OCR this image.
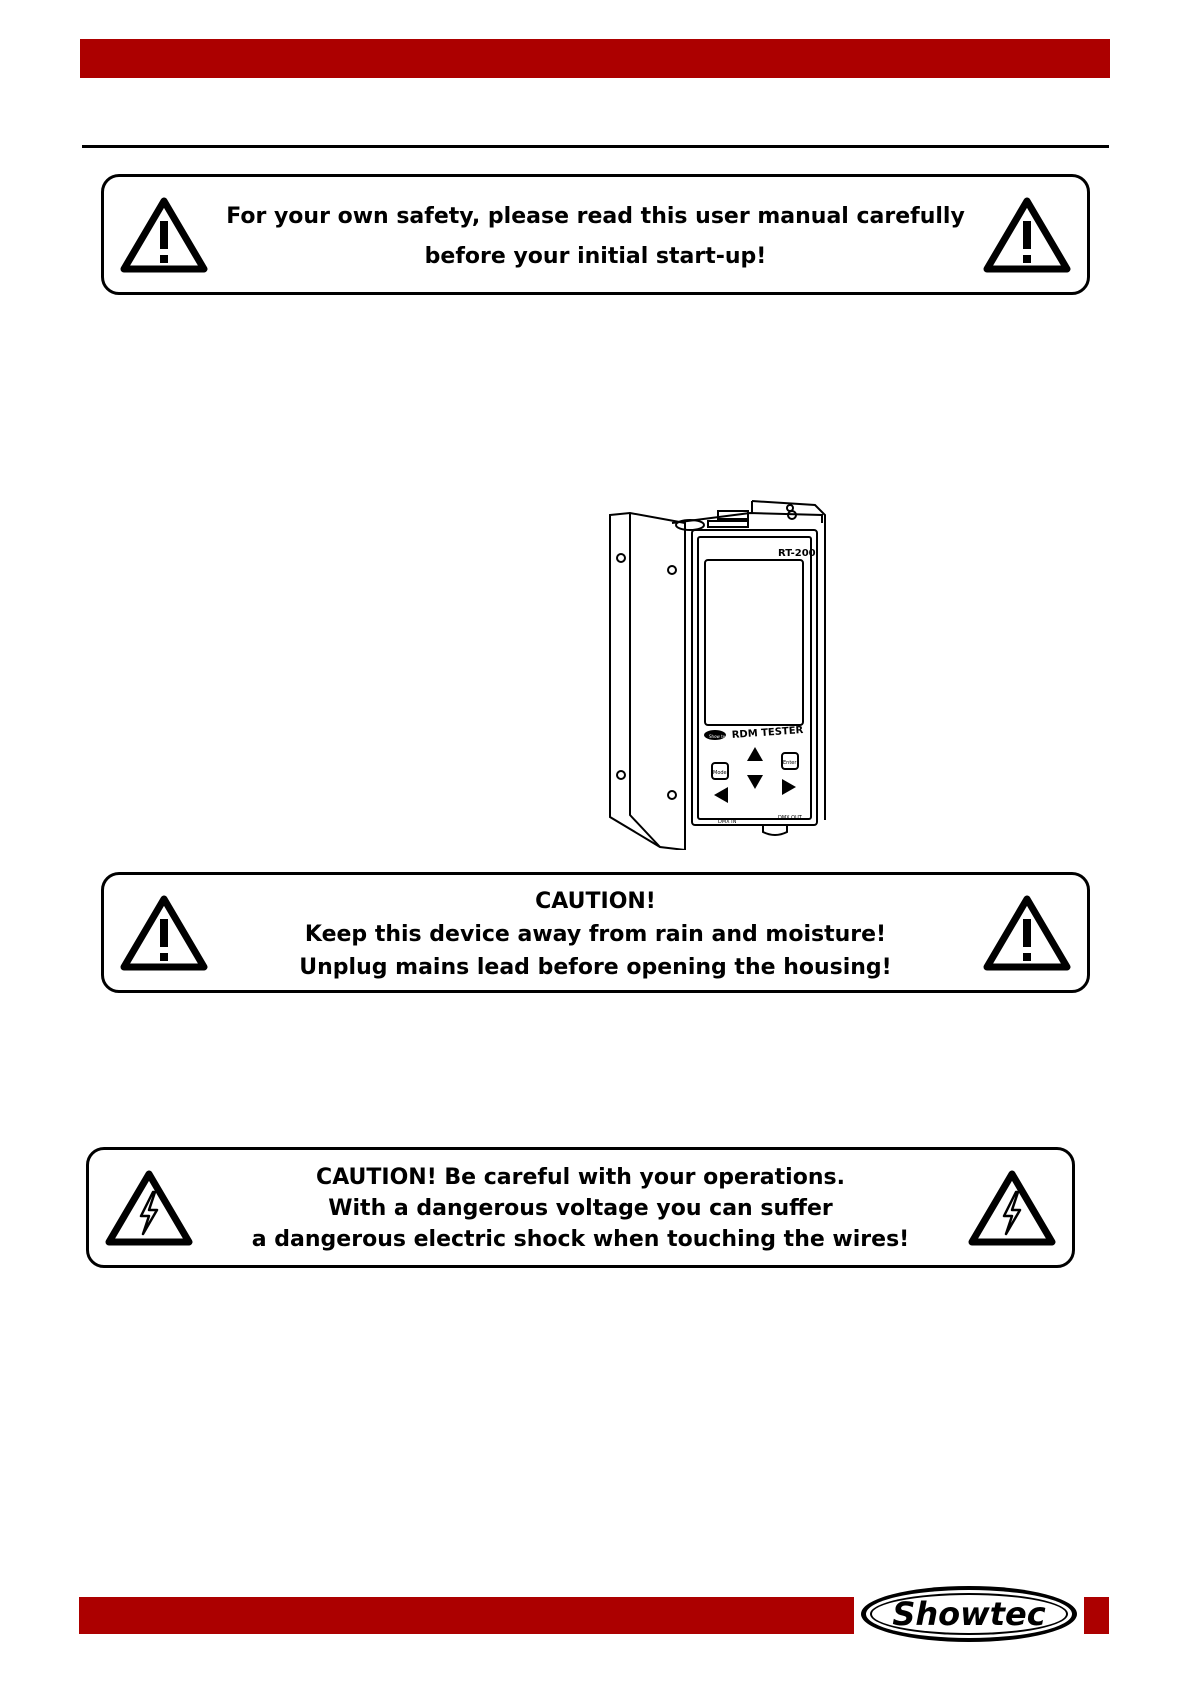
For your own safety, please read this user manual carefully
before your initial start-up!
RT-200
RDM TESTER
Show tec
Mode
Enter
DMX IN
DMX OUT
CAUTION!
Keep this device away from rain and moisture!
Unplug mains lead before opening the housing!
CAUTION! Be careful with your operations.
With a dangerous voltage you can suffer
a dangerous electric shock when touching the wires!
Showtec
